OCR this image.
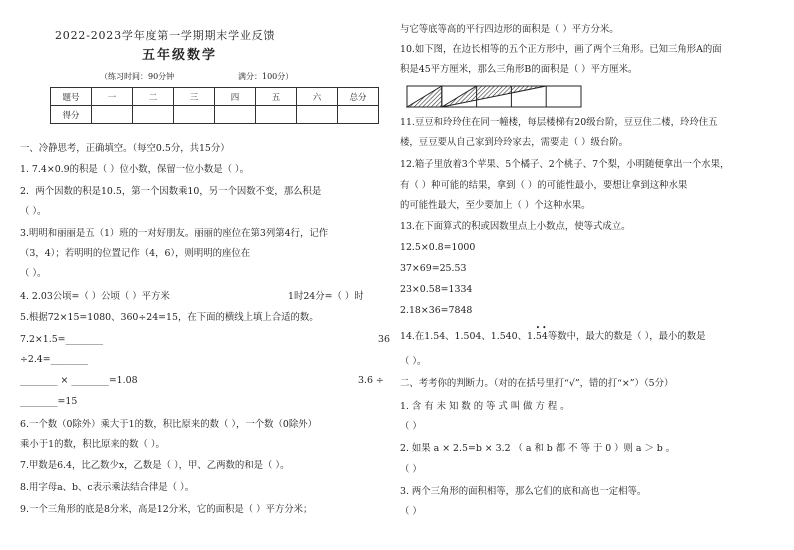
2022-2023学年度第一学期期末学业反馈
五年级数学
（练习时间：90分钟	满分：100分）
题号	一	二	三	四	五	六	总分
得分							
一、冷静思考，正确填空。（每空0.5分，共15分）
1. 7.4×0.9的积是（ ）位小数，保留一位小数是（ ）。
2．两个因数的积是10.5，第一个因数乘10，另一个因数不变，那么积是
（ ）。
3.明明和丽丽是五（1）班的一对好朋友。丽丽的座位在第3列第4行，记作
（3，4）；若明明的位置记作（4，6），则明明的座位在
（ ）。
4. 2.03公顷=（ ）公顷（ ）平方米	1时24分=（ ）时
5.根据72×15=1080、360÷24=15，在下面的横线上填上合适的数。
7.2×1.5=________	36
÷2.4=________
________ × ________=1.08	3.6 ÷
________=15
6.一个数（0除外）乘大于1的数，积比原来的数（ ），一个数（0除外）
乘小于1的数，积比原来的数（ ）。
7.甲数是6.4，比乙数少x，乙数是（ ），甲、乙两数的和是（ ）。
8.用字母a、b、c表示乘法结合律是（ ）。
9.一个三角形的底是8分米，高是12分米，它的面积是（ ）平方分米；
与它等底等高的平行四边形的面积是（ ）平方分米。
10.如下图，在边长相等的五个正方形中，画了两个三角形。已知三角形A的面
积是45平方厘米，那么三角形B的面积是（ ）平方厘米。
11.豆豆和玲玲住在同一幢楼，每层楼梯有20级台阶，豆豆住二楼，玲玲住五
楼，豆豆要从自己家到玲玲家去，需要走（ ）级台阶。
12.箱子里放着3个苹果、5个橘子、2个桃子、7个梨，小明随便拿出一个水果，
有（ ）种可能的结果，拿到（ ）的可能性最小，要想让拿到这种水果
的可能性最大，至少要加上（ ）个这种水果。
13.在下面算式的积或因数里点上小数点，使等式成立。
12.5×0.8=1000
37×69=25.53
23×0.58=1334
2.18×36=7848
14.在1.54、1.504、1.540、1.
• •
54等数中，最大的数是（ ），最小的数是
（ ）。
二、考考你的判断力。（对的在括号里打“√”，错的打“×”）（5分）
1. 含 有 未 知 数 的 等 式 叫 做 方 程 。
（ ）
2. 如果 a × 2.5=b × 3.2 （ a 和 b 都 不 等 于 0 ）则 a ＞ b 。
（ ）
3. 两个三角形的面积相等，那么它们的底和高也一定相等。
（ ）
